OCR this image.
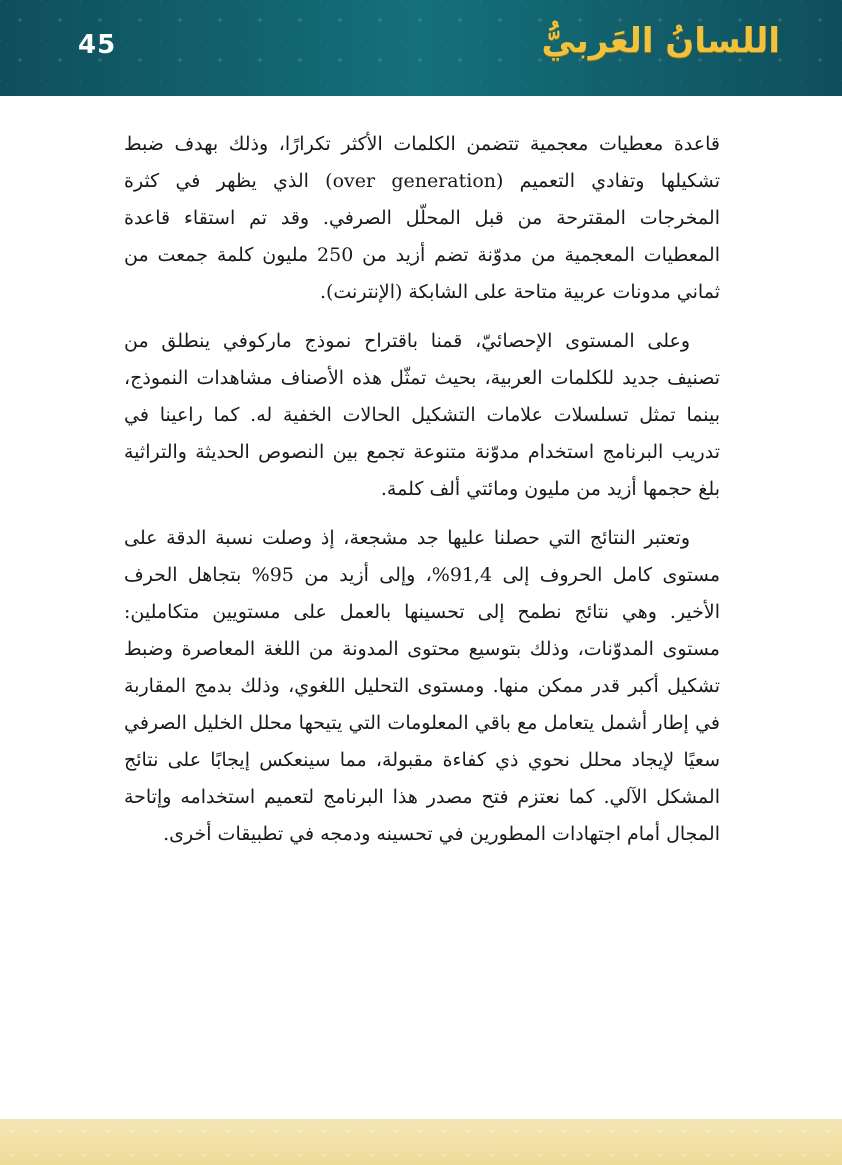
45	اللسانُ العَربيُّ

قاعدة معطيات معجمية تتضمن الكلمات الأكثر تكرارًا، وذلك بهدف ضبط تشكيلها وتفادي التعميم (over generation) الذي يظهر في كثرة المخرجات المقترحة من قبل المحلّل الصرفي. وقد تم استقاء قاعدة المعطيات المعجمية من مدوّنة تضم أزيد من 250 مليون كلمة جمعت من ثماني مدونات عربية متاحة على الشابكة (الإنترنت).

وعلى المستوى الإحصائيّ، قمنا باقتراح نموذج ماركوفي ينطلق من تصنيف جديد للكلمات العربية، بحيث تمثّل هذه الأصناف مشاهدات النموذج، بينما تمثل تسلسلات علامات التشكيل الحالات الخفية له. كما راعينا في تدريب البرنامج استخدام مدوّنة متنوعة تجمع بين النصوص الحديثة والتراثية بلغ حجمها أزيد من مليون ومائتي ألف كلمة.

وتعتبر النتائج التي حصلنا عليها جد مشجعة، إذ وصلت نسبة الدقة على مستوى كامل الحروف إلى 91,4%، وإلى أزيد من 95% بتجاهل الحرف الأخير. وهي نتائج نطمح إلى تحسينها بالعمل على مستويين متكاملين: مستوى المدوّنات، وذلك بتوسيع محتوى المدونة من اللغة المعاصرة وضبط تشكيل أكبر قدر ممكن منها. ومستوى التحليل اللغوي، وذلك بدمج المقاربة في إطار أشمل يتعامل مع باقي المعلومات التي يتيحها محلل الخليل الصرفي سعيًا لإيجاد محلل نحوي ذي كفاءة مقبولة، مما سينعكس إيجابًا على نتائج المشكل الآلي. كما نعتزم فتح مصدر هذا البرنامج لتعميم استخدامه وإتاحة المجال أمام اجتهادات المطورين في تحسينه ودمجه في تطبيقات أخرى.
